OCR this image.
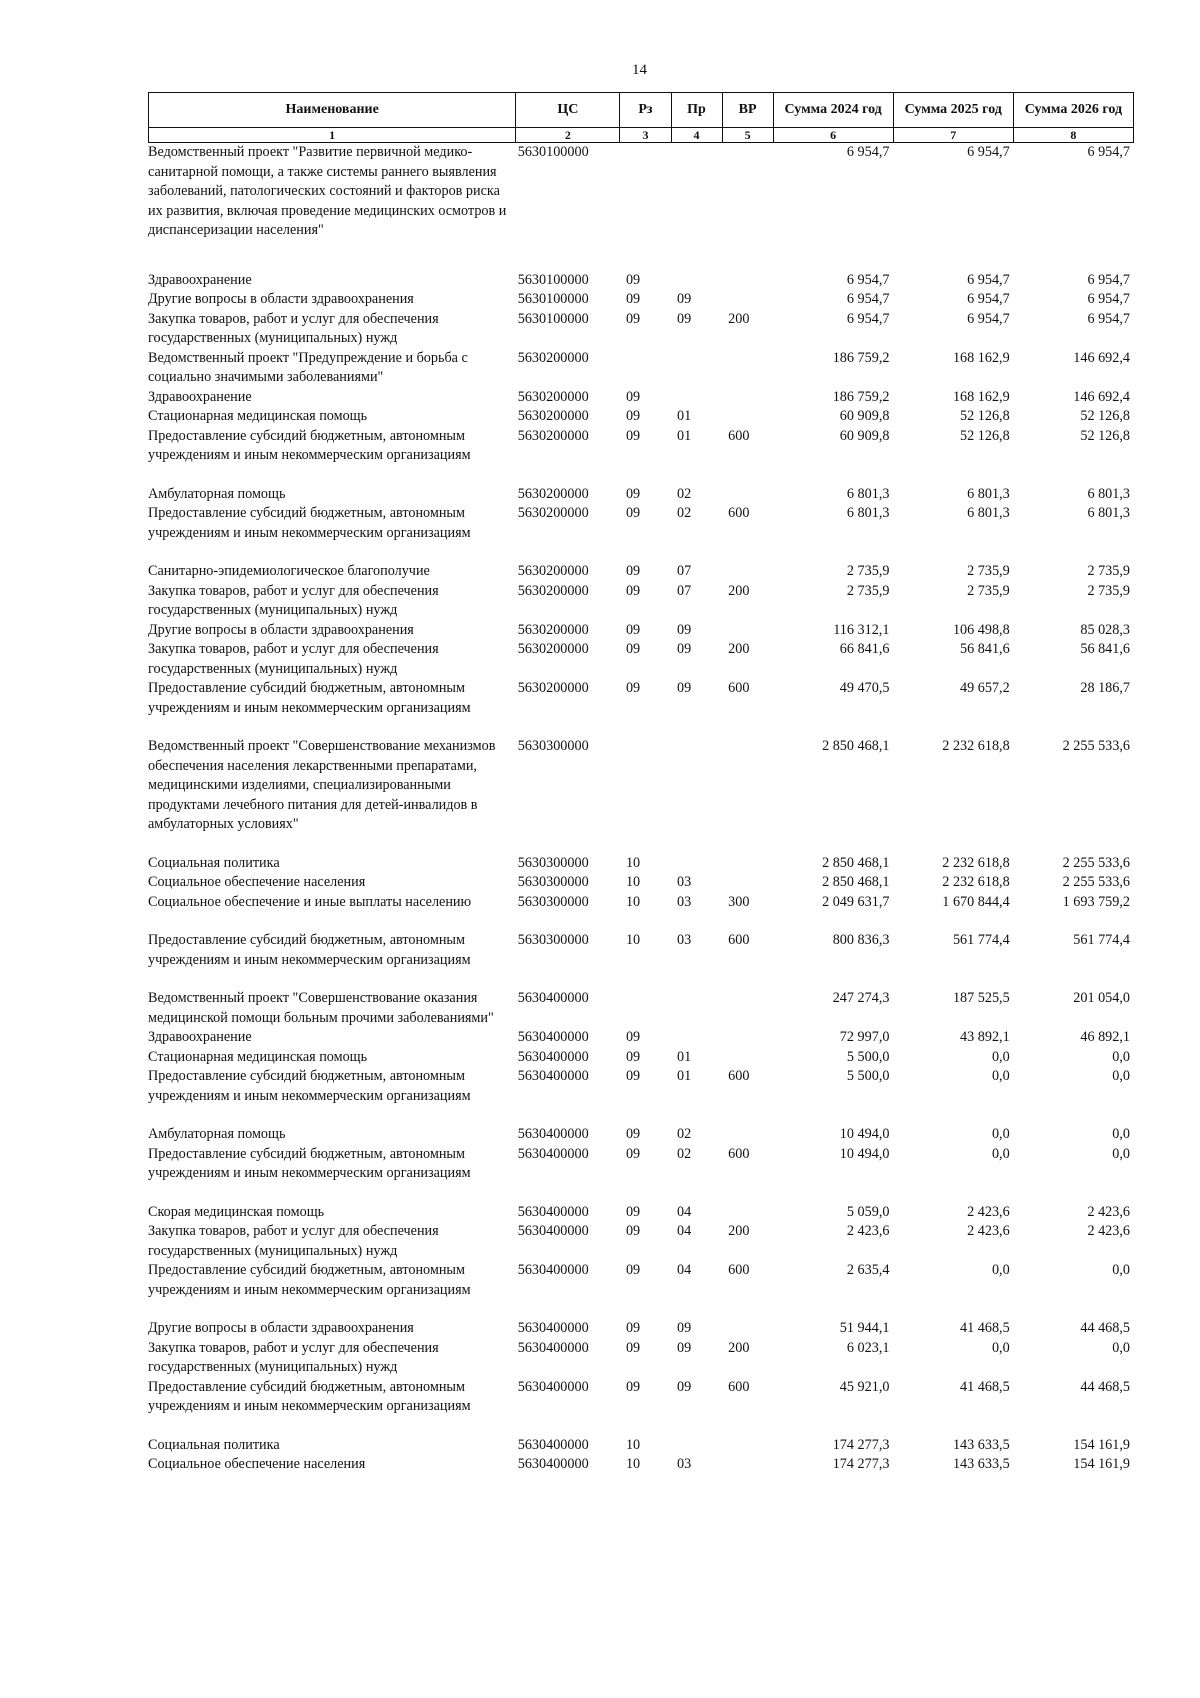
14
Наименование	ЦС	Рз	Пр	ВР	Сумма 2024 год	Сумма 2025 год	Сумма 2026 год
1	2	3	4	5	6	7	8
Ведомственный проект "Развитие первичной медико-санитарной помощи, а также системы раннего выявления заболеваний, патологических состояний и факторов риска их развития, включая проведение медицинских осмотров и диспансеризации населения"	5630100000				6 954,7	6 954,7	6 954,7
Здравоохранение	5630100000	09			6 954,7	6 954,7	6 954,7
Другие вопросы в области здравоохранения	5630100000	09	09		6 954,7	6 954,7	6 954,7
Закупка товаров, работ и услуг для обеспечения государственных (муниципальных) нужд	5630100000	09	09	200	6 954,7	6 954,7	6 954,7
Ведомственный проект "Предупреждение и борьба с социально значимыми заболеваниями"	5630200000				186 759,2	168 162,9	146 692,4
Здравоохранение	5630200000	09			186 759,2	168 162,9	146 692,4
Стационарная медицинская помощь	5630200000	09	01		60 909,8	52 126,8	52 126,8
Предоставление субсидий бюджетным, автономным учреждениям и иным некоммерческим организациям	5630200000	09	01	600	60 909,8	52 126,8	52 126,8
Амбулаторная помощь	5630200000	09	02		6 801,3	6 801,3	6 801,3
Предоставление субсидий бюджетным, автономным учреждениям и иным некоммерческим организациям	5630200000	09	02	600	6 801,3	6 801,3	6 801,3
Санитарно-эпидемиологическое благополучие	5630200000	09	07		2 735,9	2 735,9	2 735,9
Закупка товаров, работ и услуг для обеспечения государственных (муниципальных) нужд	5630200000	09	07	200	2 735,9	2 735,9	2 735,9
Другие вопросы в области здравоохранения	5630200000	09	09		116 312,1	106 498,8	85 028,3
Закупка товаров, работ и услуг для обеспечения государственных (муниципальных) нужд	5630200000	09	09	200	66 841,6	56 841,6	56 841,6
Предоставление субсидий бюджетным, автономным учреждениям и иным некоммерческим организациям	5630200000	09	09	600	49 470,5	49 657,2	28 186,7
Ведомственный проект "Совершенствование механизмов обеспечения населения лекарственными препаратами, медицинскими изделиями, специализированными продуктами лечебного питания для детей-инвалидов в амбулаторных условиях"	5630300000				2 850 468,1	2 232 618,8	2 255 533,6
Социальная политика	5630300000	10			2 850 468,1	2 232 618,8	2 255 533,6
Социальное обеспечение населения	5630300000	10	03		2 850 468,1	2 232 618,8	2 255 533,6
Социальное обеспечение и иные выплаты населению	5630300000	10	03	300	2 049 631,7	1 670 844,4	1 693 759,2
Предоставление субсидий бюджетным, автономным учреждениям и иным некоммерческим организациям	5630300000	10	03	600	800 836,3	561 774,4	561 774,4
Ведомственный проект "Совершенствование оказания медицинской помощи больным прочими заболеваниями"	5630400000				247 274,3	187 525,5	201 054,0
Здравоохранение	5630400000	09			72 997,0	43 892,1	46 892,1
Стационарная медицинская помощь	5630400000	09	01		5 500,0	0,0	0,0
Предоставление субсидий бюджетным, автономным учреждениям и иным некоммерческим организациям	5630400000	09	01	600	5 500,0	0,0	0,0
Амбулаторная помощь	5630400000	09	02		10 494,0	0,0	0,0
Предоставление субсидий бюджетным, автономным учреждениям и иным некоммерческим организациям	5630400000	09	02	600	10 494,0	0,0	0,0
Скорая медицинская помощь	5630400000	09	04		5 059,0	2 423,6	2 423,6
Закупка товаров, работ и услуг для обеспечения государственных (муниципальных) нужд	5630400000	09	04	200	2 423,6	2 423,6	2 423,6
Предоставление субсидий бюджетным, автономным учреждениям и иным некоммерческим организациям	5630400000	09	04	600	2 635,4	0,0	0,0
Другие вопросы в области здравоохранения	5630400000	09	09		51 944,1	41 468,5	44 468,5
Закупка товаров, работ и услуг для обеспечения государственных (муниципальных) нужд	5630400000	09	09	200	6 023,1	0,0	0,0
Предоставление субсидий бюджетным, автономным учреждениям и иным некоммерческим организациям	5630400000	09	09	600	45 921,0	41 468,5	44 468,5
Социальная политика	5630400000	10			174 277,3	143 633,5	154 161,9
Социальное обеспечение населения	5630400000	10	03		174 277,3	143 633,5	154 161,9
